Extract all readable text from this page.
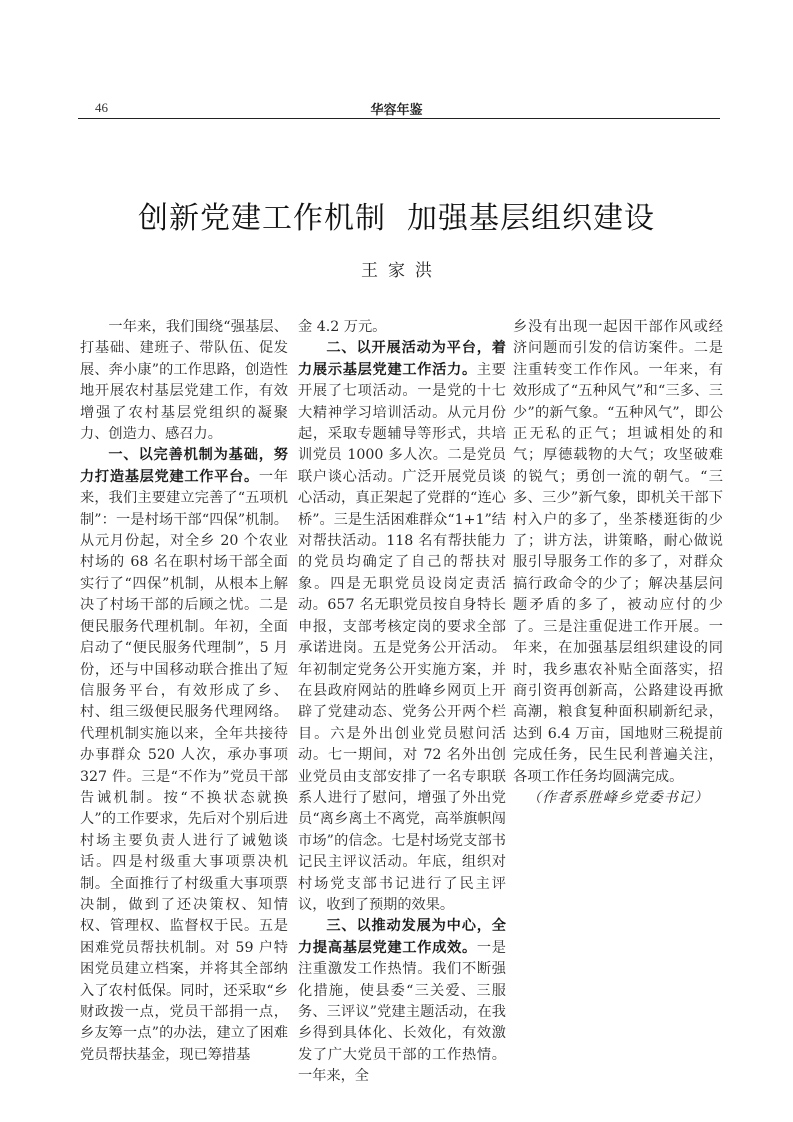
46	华容年鉴
创新党建工作机制  加强基层组织建设
王家洪

一年来，我们围绕“强基层、打基础、建班子、带队伍、促发展、奔小康”的工作思路，创造性地开展农村基层党建工作，有效增强了农村基层党组织的凝聚力、创造力、感召力。

一、以完善机制为基础，努力打造基层党建工作平台。一年来，我们主要建立完善了“五项机制”：一是村场干部“四保”机制。从元月份起，对全乡 20 个农业村场的 68 名在职村场干部全面实行了“四保”机制，从根本上解决了村场干部的后顾之忧。二是便民服务代理机制。年初，全面启动了“便民服务代理制”，5 月份，还与中国移动联合推出了短信服务平台，有效形成了乡、村、组三级便民服务代理网络。代理机制实施以来，全年共接待办事群众 520 人次，承办事项 327 件。三是“不作为”党员干部告诫机制。按“不换状态就换人”的工作要求，先后对个别后进村场主要负责人进行了诫勉谈话。四是村级重大事项票决机制。全面推行了村级重大事项票决制，做到了还决策权、知情权、管理权、监督权于民。五是困难党员帮扶机制。对 59 户特困党员建立档案，并将其全部纳入了农村低保。同时，还采取“乡财政拨一点，党员干部捐一点，乡友筹一点”的办法，建立了困难党员帮扶基金，现已筹措基

金 4.2 万元。

二、以开展活动为平台，着力展示基层党建工作活力。主要开展了七项活动。一是党的十七大精神学习培训活动。从元月份起，采取专题辅导等形式，共培训党员 1000 多人次。二是党员联户谈心活动。广泛开展党员谈心活动，真正架起了党群的“连心桥”。三是生活困难群众“1+1”结对帮扶活动。118 名有帮扶能力的党员均确定了自己的帮扶对象。四是无职党员设岗定责活动。657 名无职党员按自身特长申报，支部考核定岗的要求全部承诺进岗。五是党务公开活动。年初制定党务公开实施方案，并在县政府网站的胜峰乡网页上开辟了党建动态、党务公开两个栏目。六是外出创业党员慰问活动。七一期间，对 72 名外出创业党员由支部安排了一名专职联系人进行了慰问，增强了外出党员“离乡离土不离党，高举旗帜闯市场”的信念。七是村场党支部书记民主评议活动。年底，组织对村场党支部书记进行了民主评议，收到了预期的效果。

三、以推动发展为中心，全力提高基层党建工作成效。一是注重激发工作热情。我们不断强化措施，使县委“三关爱、三服务、三评议”党建主题活动，在我乡得到具体化、长效化，有效激发了广大党员干部的工作热情。一年来，全

乡没有出现一起因干部作风或经济问题而引发的信访案件。二是注重转变工作作风。一年来，有效形成了“五种风气”和“三多、三少”的新气象。“五种风气”，即公正无私的正气；坦诚相处的和气；厚德载物的大气；攻坚破难的锐气；勇创一流的朝气。“三多、三少”新气象，即机关干部下村入户的多了，坐茶楼逛街的少了；讲方法，讲策略，耐心做说服引导服务工作的多了，对群众搞行政命令的少了；解决基层问题矛盾的多了，被动应付的少了。三是注重促进工作开展。一年来，在加强基层组织建设的同时，我乡惠农补贴全面落实，招商引资再创新高，公路建设再掀高潮，粮食复种面积刷新纪录，达到 6.4 万亩，国地财三税提前完成任务，民生民利普遍关注，各项工作任务均圆满完成。

（作者系胜峰乡党委书记）
